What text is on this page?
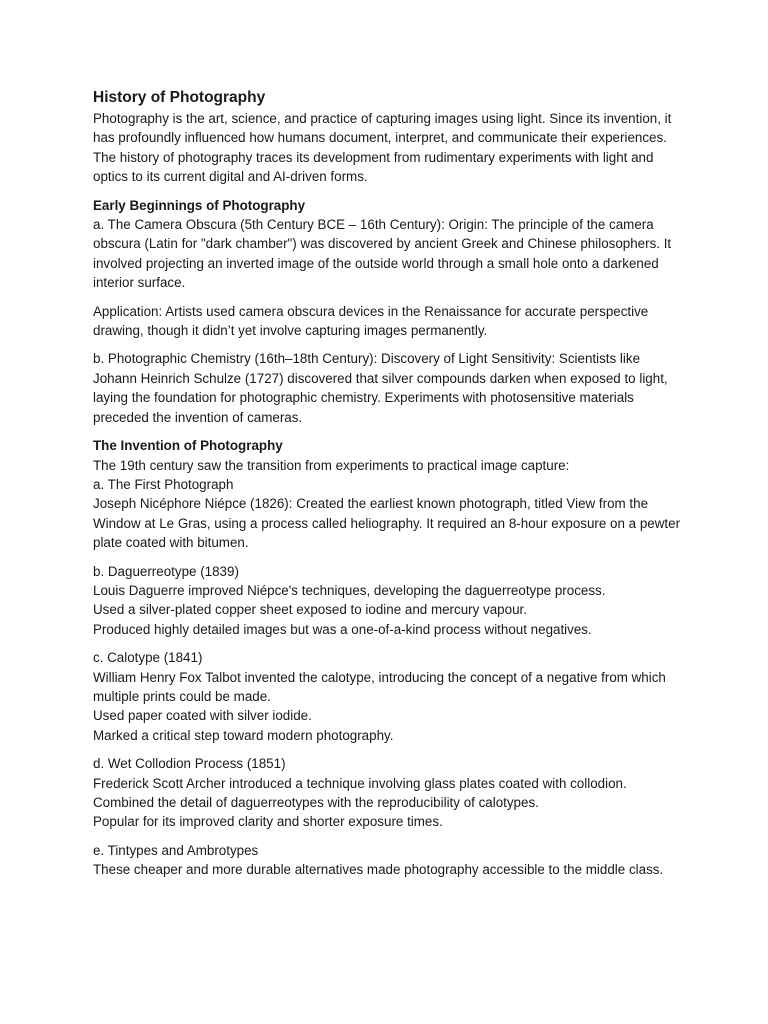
History of Photography

Photography is the art, science, and practice of capturing images using light. Since its invention, it has profoundly influenced how humans document, interpret, and communicate their experiences. The history of photography traces its development from rudimentary experiments with light and optics to its current digital and AI-driven forms.

Early Beginnings of Photography

a. The Camera Obscura (5th Century BCE – 16th Century): Origin: The principle of the camera obscura (Latin for "dark chamber") was discovered by ancient Greek and Chinese philosophers. It involved projecting an inverted image of the outside world through a small hole onto a darkened interior surface.

Application: Artists used camera obscura devices in the Renaissance for accurate perspective drawing, though it didn’t yet involve capturing images permanently.

b. Photographic Chemistry (16th–18th Century): Discovery of Light Sensitivity: Scientists like Johann Heinrich Schulze (1727) discovered that silver compounds darken when exposed to light, laying the foundation for photographic chemistry. Experiments with photosensitive materials preceded the invention of cameras.

The Invention of Photography

The 19th century saw the transition from experiments to practical image capture:

a. The First Photograph

Joseph Nicéphore Niépce (1826): Created the earliest known photograph, titled View from the Window at Le Gras, using a process called heliography. It required an 8-hour exposure on a pewter plate coated with bitumen.

b. Daguerreotype (1839)

Louis Daguerre improved Niépce's techniques, developing the daguerreotype process.

Used a silver-plated copper sheet exposed to iodine and mercury vapour.

Produced highly detailed images but was a one-of-a-kind process without negatives.

c. Calotype (1841)

William Henry Fox Talbot invented the calotype, introducing the concept of a negative from which multiple prints could be made.

Used paper coated with silver iodide.

Marked a critical step toward modern photography.

d. Wet Collodion Process (1851)

Frederick Scott Archer introduced a technique involving glass plates coated with collodion.

Combined the detail of daguerreotypes with the reproducibility of calotypes.

Popular for its improved clarity and shorter exposure times.

e. Tintypes and Ambrotypes

These cheaper and more durable alternatives made photography accessible to the middle class.
